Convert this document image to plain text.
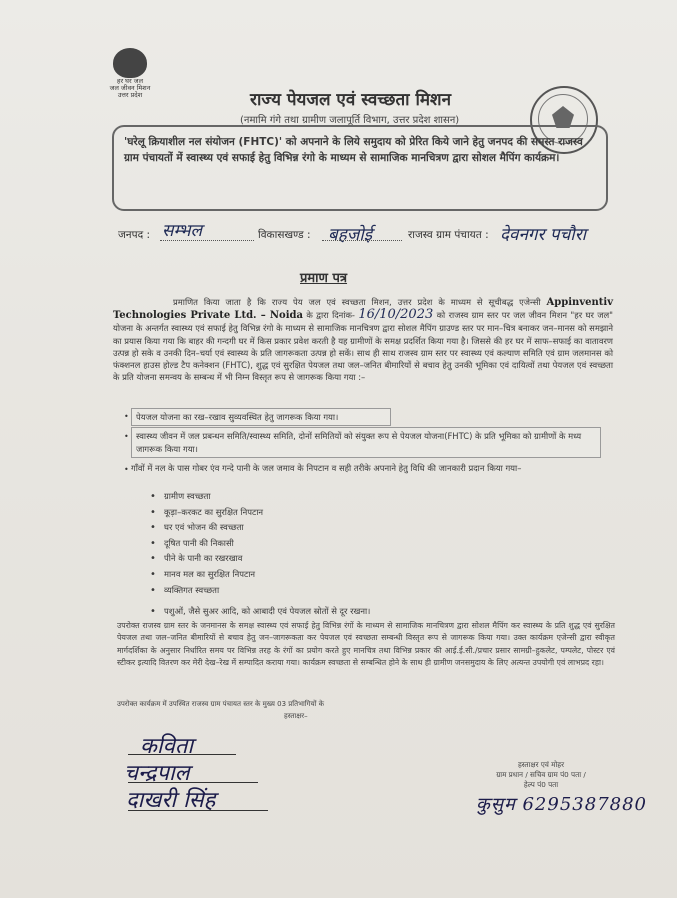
हर घर जल
जल जीवन मिशन
उत्तर प्रदेश	राज्य पेयजल एवं स्वच्छता मिशन
(नमामि गंगे तथा ग्रामीण जलापूर्ति विभाग, उत्तर प्रदेश शासन)
'घरेलू क्रियाशील नल संयोजन (FHTC)' को अपनाने के लिये समुदाय को प्रेरित किये जाने हेतु जनपद की समस्त राजस्व ग्राम पंचायतों में स्वास्थ्य एवं सफाई हेतु विभिन्न रंगो के माध्यम से सामाजिक मानचित्रण द्वारा सोशल मैपिंग कार्यक्रम।
जनपद : सम्भल	विकासखण्ड : बहजोई	राजस्व ग्राम पंचायत : देवनगर पचौरा
प्रमाण पत्र
प्रमाणित किया जाता है कि राज्य पेय जल एवं स्वच्छता मिशन, उत्तर प्रदेश के माध्यम से सूचीबद्ध एजेन्सी Appinventiv Technologies Private Ltd. – Noida के द्वारा दिनांक- 16/10/2023 को राजस्व ग्राम स्तर पर जल जीवन मिशन "हर घर जल" योजना के अन्तर्गत स्वास्थ्य एवं सफाई हेतु विभिन्न रंगो के माध्यम से सामाजिक मानचित्रण द्वारा सोशल मैपिंग ग्राउण्ड स्तर पर मान–चित्र बनाकर जन–मानस को समझाने का प्रयास किया गया कि बाहर की गन्दगी घर में किस प्रकार प्रवेश करती है यह ग्रामीणों के समक्ष प्रदर्शित किया गया है। जिससे की हर घर में साफ–सफाई का वातावरण उत्पन्न हो सके व उनकी दिन–चर्या एवं स्वास्थ्य के प्रति जागरूकता उत्पन्न हो सकें। साथ ही साथ राजस्व ग्राम स्तर पर स्वास्थ्य एवं कल्याण समिति एवं ग्राम जलमानस को फंक्शनल हाउस होल्ड टैप कनेक्शन (FHTC), शुद्ध एवं सुरक्षित पेयजल तथा जल–जनित बीमारियों से बचाव हेतु उनकी भूमिका एवं दायित्वों तथा पेयजल एवं स्वच्छता के प्रति योजना समन्वय के सम्बन्ध में भी निम्न विस्तृत रूप से जागरूक किया गया :–
• पेयजल योजना का रख–रखाव सुव्यवस्थित हेतु जागरूक किया गया।
• स्वास्थ्य जीवन में जल प्रबन्धन समिति/स्वास्थ्य समिति, दोनों समितियों को संयुक्त रूप से पेयजल योजना(FHTC) के प्रति भूमिका को ग्रामीणों के मध्य जागरूक किया गया।
• गाँवों में नल के पास गोबर एंव गन्दे पानी के जल जमाव के निपटान व सही तरीके अपनाने हेतु विधि की जानकारी प्रदान किया गया–
• ग्रामीण स्वच्छता
• कूड़ा–करकट का सुरक्षित निपटान
• घर एवं भोजन की स्वच्छता
• दूषित पानी की निकासी
• पीने के पानी का रखरखाव
• मानव मल का सुरक्षित निपटान
• व्यक्तिगत स्वच्छता
• पशुओं, जैसे सुअर आदि, को आबादी एवं पेयजल स्रोतों से दूर रखना।
उपरोक्त राजस्व ग्राम स्तर के जनमानस के समक्ष स्वास्थ्य एवं सफाई हेतु विभिन्न रंगों के माध्यम से सामाजिक मानचित्रण द्वारा सोशल मैपिंग कर स्वास्थ्य के प्रति शुद्ध एवं सुरक्षित पेयजल तथा जल–जनित बीमारियों से बचाव हेतु जन–जागरूकता कर पेयजल एवं स्वच्छता सम्बन्धी विस्तृत रूप से जागरूक किया गया। उक्त कार्यक्रम एजेन्सी द्वारा स्वीकृत मार्गदर्शिका के अनुसार निर्धारित समय पर विभिन्न तरह के रंगों का प्रयोग करते हुए मानचित्र तथा विभिन्न प्रकार की आई.ई.सी./प्रचार प्रसार सामग्री–हुकलेट, पम्पलेट, पोस्टर एवं स्टीकर इत्यादि वितरण कर मेरी देख–रेख में सम्पादित कराया गया। कार्यक्रम स्वच्छता से सम्बन्धित होने के साथ ही ग्रामीण जनसमुदाय के लिए अत्यन्त उपयोगी एवं लाभप्रद रहा।
उपरोक्त कार्यक्रम में उपस्थित राजस्व ग्राम पंचायत स्तर के मुख्य 03 प्रतिभागियों के
हस्ताक्षर–
कविता
चन्द्रपाल
दाखरी सिंह
हस्ताक्षर एवं मोहर
ग्राम प्रधान / सचिव ग्राम पं0 पता /
हेल्प पं0 पता
कुसुम 6295387880
